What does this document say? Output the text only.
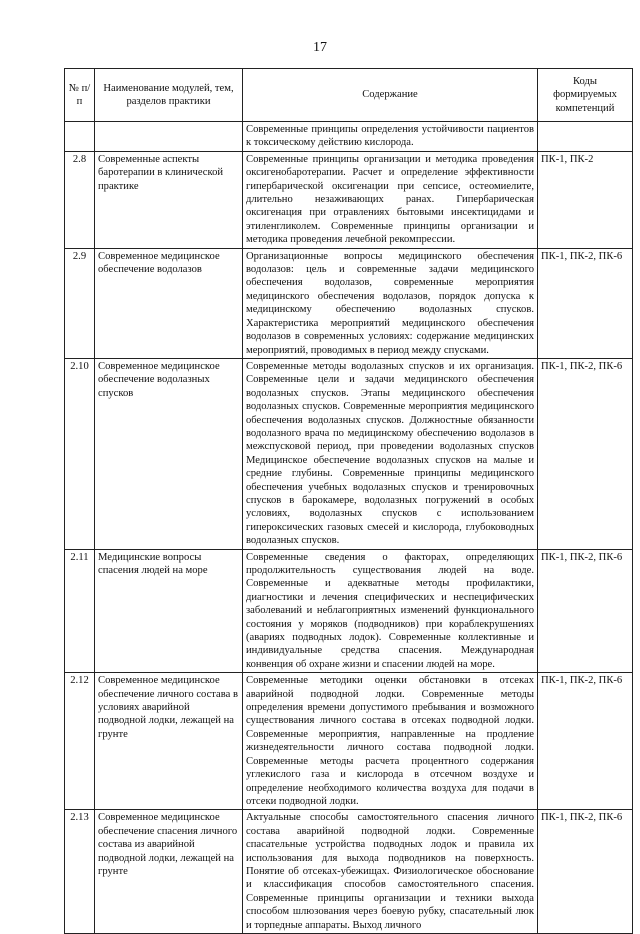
17
№ п/п	Наименование модулей, тем, разделов практики	Содержание	Коды формируемых компетенций
		Современные принципы определения устойчивости пациентов к токсическому действию кислорода.	
2.8	Современные аспекты баротерапии в клинической практике	Современные принципы организации и методика проведения оксигенобаротерапии. Расчет и определение эффективности гипербарической оксигенации при сепсисе, остеомиелите, длительно незаживающих ранах. Гипербарическая оксигенация при отравлениях бытовыми инсектицидами и этиленгликолем. Современные принципы организации и методика проведения лечебной рекомпрессии.	ПК-1, ПК-2
2.9	Современное медицинское обеспечение водолазов	Организационные вопросы медицинского обеспечения водолазов: цель и современные задачи медицинского обеспечения водолазов, современные мероприятия медицинского обеспечения водолазов, порядок допуска к медицинскому обеспечению водолазных спусков. Характеристика мероприятий медицинского обеспечения водолазов в современных условиях: содержание медицинских мероприятий, проводимых в период между спусками.	ПК-1, ПК-2, ПК-6
2.10	Современное медицинское обеспечение водолазных спусков	Современные методы водолазных спусков и их организация. Современные цели и задачи медицинского обеспечения водолазных спусков. Этапы медицинского обеспечения водолазных спусков. Современные мероприятия медицинского обеспечения водолазных спусков. Должностные обязанности водолазного врача по медицинскому обеспечению водолазов в межспусковой период, при проведении водолазных спусков Медицинское обеспечение водолазных спусков на малые и средние глубины. Современные принципы медицинского обеспечения учебных водолазных спусков и тренировочных спусков в барокамере, водолазных погружений в особых условиях, водолазных спусков с использованием гипероксических газовых смесей и кислорода, глубоководных водолазных спусков.	ПК-1, ПК-2, ПК-6
2.11	Медицинские вопросы спасения людей на море	Современные сведения о факторах, определяющих продолжительность существования людей на воде. Современные и адекватные методы профилактики, диагностики и лечения специфических и неспецифических заболеваний и неблагоприятных изменений функционального состояния у моряков (подводников) при кораблекрушениях (авариях подводных лодок). Современные коллективные и индивидуальные средства спасения. Международная конвенция об охране жизни и спасении людей на море.	ПК-1, ПК-2, ПК-6
2.12	Современное медицинское обеспечение личного состава в условиях аварийной подводной лодки, лежащей на грунте	Современные методики оценки обстановки в отсеках аварийной подводной лодки. Современные методы определения времени допустимого пребывания и возможного существования личного состава в отсеках подводной лодки. Современные мероприятия, направленные на продление жизнедеятельности личного состава подводной лодки. Современные методы расчета процентного содержания углекислого газа и кислорода в отсечном воздухе и определение необходимого количества воздуха для подачи в отсеки подводной лодки.	ПК-1, ПК-2, ПК-6
2.13	Современное медицинское обеспечение спасения личного состава из аварийной подводной лодки, лежащей на грунте	Актуальные способы самостоятельного спасения личного состава аварийной подводной лодки. Современные спасательные устройства подводных лодок и правила их использования для выхода подводников на поверхность. Понятие об отсеках-убежищах. Физиологическое обоснование и классификация способов самостоятельного спасения. Современные принципы организации и техники выхода способом шлюзования через боевую рубку, спасательный люк и торпедные аппараты. Выход личного	ПК-1, ПК-2, ПК-6
